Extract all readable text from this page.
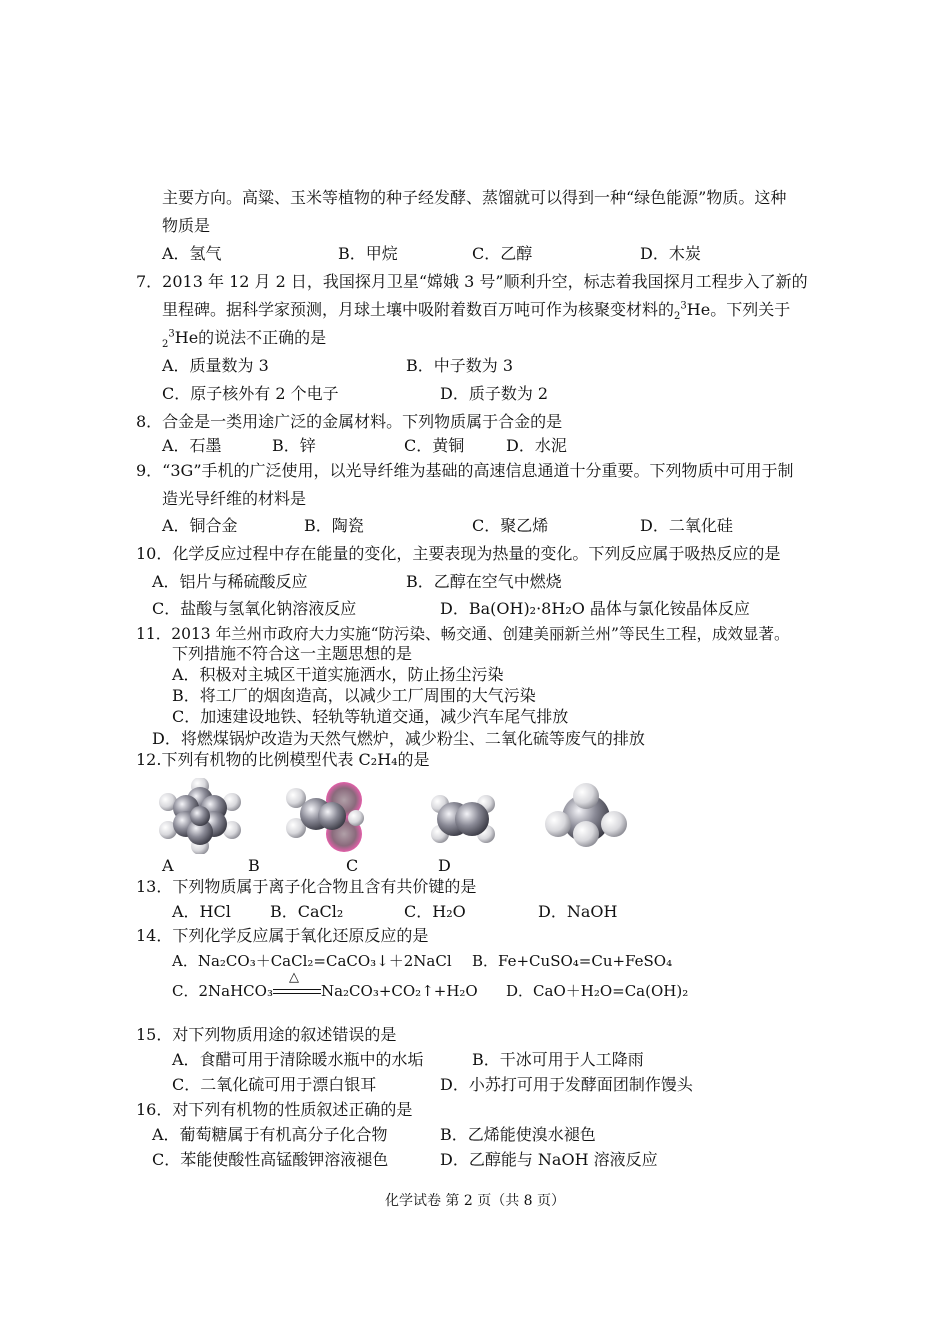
主要方向。高粱、玉米等植物的种子经发酵、蒸馏就可以得到一种“绿色能源”物质。这种
物质是
A．氢气	B．甲烷	C．乙醇	D．木炭
7．2013 年 12 月 2 日，我国探月卫星“嫦娥 3 号”顺利升空，标志着我国探月工程步入了新的
里程碑。据科学家预测，月球土壤中吸附着数百万吨可作为核聚变材料的$_2^3$He。下列关于
$_2^3$He的说法不正确的是
A．质量数为 3	B．中子数为 3
C．原子核外有 2 个电子	D．质子数为 2
8．合金是一类用途广泛的金属材料。下列物质属于合金的是
A．石墨	B．锌	C．黄铜	D．水泥
9．“3G”手机的广泛使用，以光导纤维为基础的高速信息通道十分重要。下列物质中可用于制
造光导纤维的材料是
A．铜合金	B．陶瓷	C．聚乙烯	D．二氧化硅
10．化学反应过程中存在能量的变化，主要表现为热量的变化。下列反应属于吸热反应的是
A．铝片与稀硫酸反应	B．乙醇在空气中燃烧
C．盐酸与氢氧化钠溶液反应	D．Ba(OH)₂·8H₂O 晶体与氯化铵晶体反应
11．2013 年兰州市政府大力实施“防污染、畅交通、创建美丽新兰州”等民生工程，成效显著。
下列措施不符合这一主题思想的是
A．积极对主城区干道实施洒水，防止扬尘污染
B．将工厂的烟囱造高，以减少工厂周围的大气污染
C．加速建设地铁、轻轨等轨道交通，减少汽车尾气排放
D．将燃煤锅炉改造为天然气燃炉，减少粉尘、二氧化硫等废气的排放
12.下列有机物的比例模型代表 C₂H₄的是
A	B	C	D
13．下列物质属于离子化合物且含有共价键的是
A．HCl B．CaCl₂	C．H₂O	D．NaOH
14．下列化学反应属于氧化还原反应的是
A．Na₂CO₃＋CaCl₂=CaCO₃↓＋2NaCl B．Fe+CuSO₄=Cu+FeSO₄
C．2NaHCO₃
△
Na₂CO₃+CO₂↑+H₂O D．CaO＋H₂O=Ca(OH)₂
15．对下列物质用途的叙述错误的是
A．食醋可用于清除暖水瓶中的水垢	B．干冰可用于人工降雨
C．二氧化硫可用于漂白银耳	D．小苏打可用于发酵面团制作馒头
16．对下列有机物的性质叙述正确的是
A．葡萄糖属于有机高分子化合物	B．乙烯能使溴水褪色
C．苯能使酸性高锰酸钾溶液褪色	D．乙醇能与 NaOH 溶液反应
化学试卷 第 2 页（共 8 页）
